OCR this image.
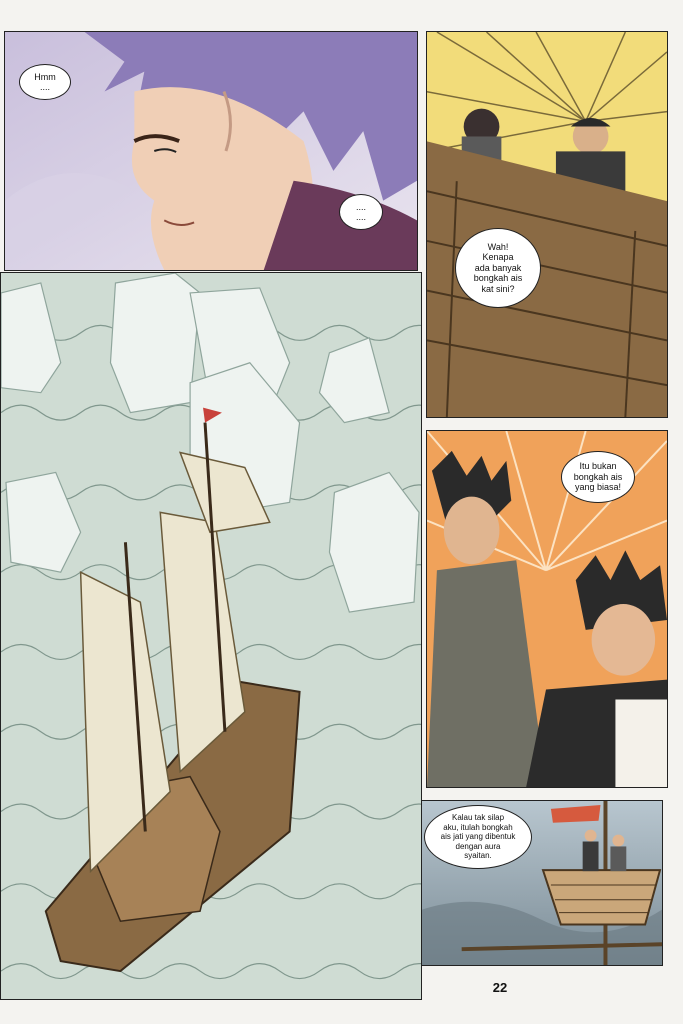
Hmm
....
....
....
Wah!
Kenapa
ada banyak
bongkah ais
kat sini?
Itu bukan
bongkah ais
yang biasa!
Kalau tak silap
aku, itulah bongkah
ais jati yang dibentuk
dengan aura
syaitan.
22
